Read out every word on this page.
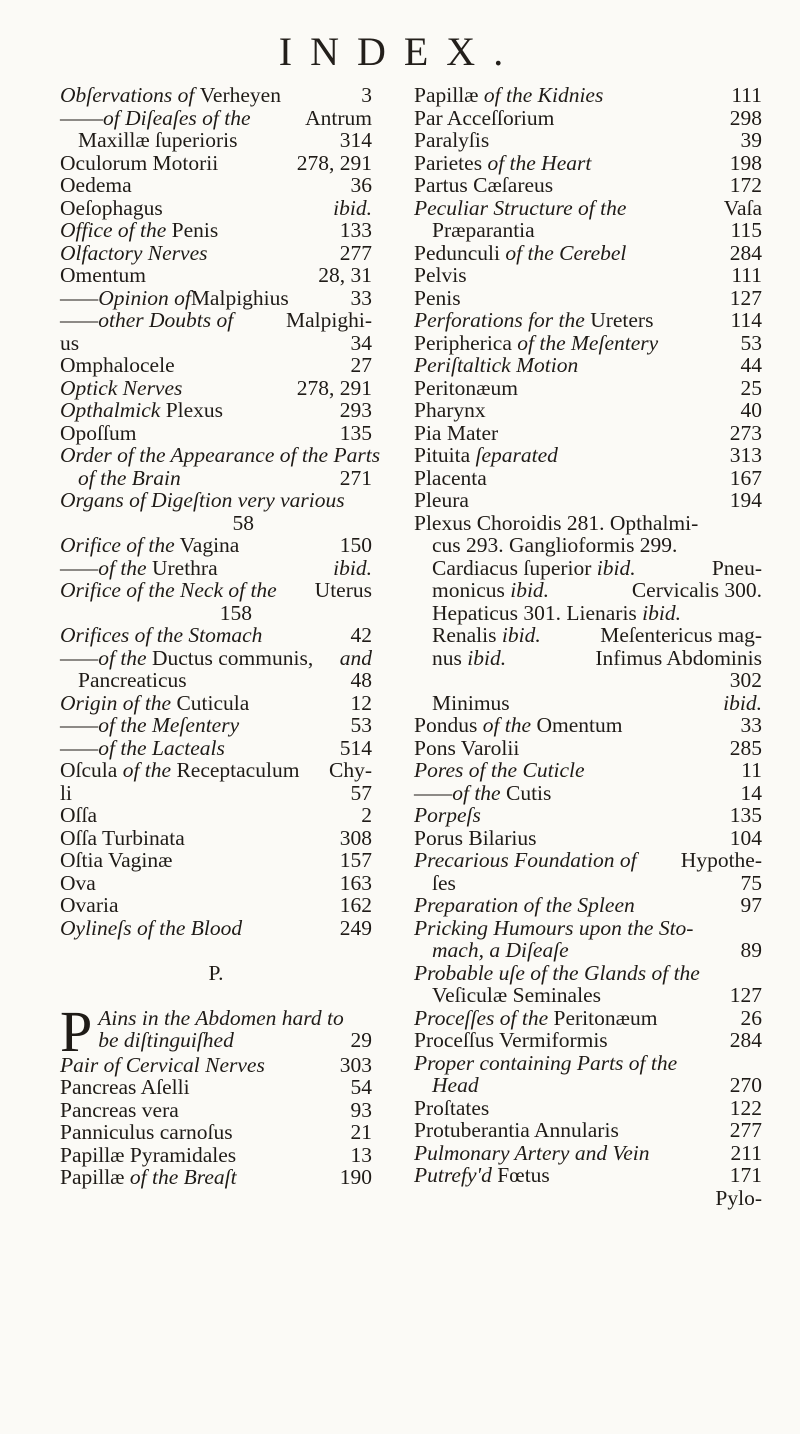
INDEX.
Obſervations of Verheyen	3
——of Diſeaſes of the	Antrum
Maxillæ ſuperioris	314
Oculorum Motorii	278, 291
Oedema	36
Oeſophagus	ibid.
Office of the Penis	133
Olfactory Nerves	277
Omentum	28, 31
——Opinion ofMalpighius	33
——other Doubts of Malpighi-
us	34
Omphalocele	27
Optick Nerves	278, 291
Opthalmick Plexus	293
Opoſſum	135
Order of the Appearance of the Parts
of the Brain	271
Organs of Digeſtion very various
58
Orifice of the Vagina	150
——of the Urethra	ibid.
Orifice of the Neck of the Uterus
158
Orifices of the Stomach	42
——of the Ductus communis, and
Pancreaticus	48
Origin of the Cuticula	12
——of the Meſentery	53
——of the Lacteals	514
Oſcula of the Receptaculum Chy-
li	57
Oſſa	2
Oſſa Turbinata	308
Oſtia Vaginæ	157
Ova	163
Ovaria	162
Oylineſs of the Blood	249
P.
P Ains in the Abdomen hard to
be diſtinguiſhed	29
Pair of Cervical Nerves	303
Pancreas Aſelli	54
Pancreas vera	93
Panniculus carnoſus	21
Papillæ Pyramidales	13
Papillæ of the Breaſt	190
Papillæ of the Kidnies	111
Par Acceſſorium	298
Paralyſis	39
Parietes of the Heart	198
Partus Cæſareus	172
Peculiar Structure of the	Vaſa
Præparantia	115
Pedunculi of the Cerebel	284
Pelvis	111
Penis	127
Perforations for the Ureters	114
Peripherica of the Meſentery	53
Periſtaltick Motion	44
Peritonæum	25
Pharynx	40
Pia Mater	273
Pituita ſeparated	313
Placenta	167
Pleura	194
Plexus Choroidis 281. Opthalmi-
cus 293. Ganglioformis 299.
Cardiacus ſuperior ibid.	Pneu-
monicus ibid.	Cervicalis 300.
Hepaticus 301. Lienaris ibid.
Renalis ibid.	Meſentericus mag-
nus ibid.	Infimus Abdominis
302
Minimus	ibid.
Pondus of the Omentum	33
Pons Varolii	285
Pores of the Cuticle	11
——of the Cutis	14
Porpeſs	135
Porus Bilarius	104
Precarious Foundation of Hypothe-
ſes	75
Preparation of the Spleen	97
Pricking Humours upon the Sto-
mach, a Diſeaſe	89
Probable uſe of the Glands of the
Veſiculæ Seminales	127
Proceſſes of the Peritonæum	26
Proceſſus Vermiformis	284
Proper containing Parts of the
Head	270
Proſtates	122
Protuberantia Annularis	277
Pulmonary Artery and Vein	211
Putrefy'd Fœtus	171
Pylo-
